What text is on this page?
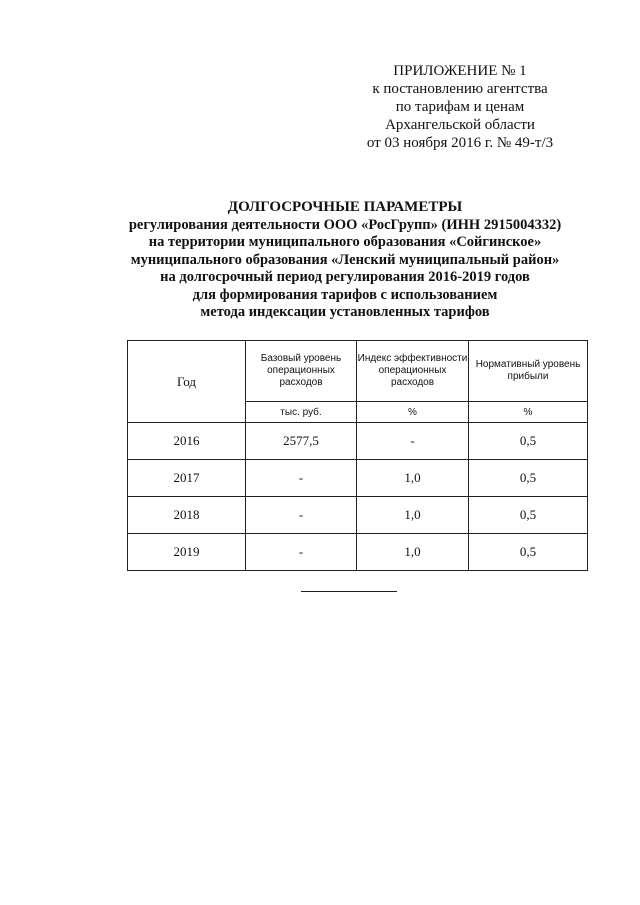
ПРИЛОЖЕНИЕ № 1
к постановлению агентства
по тарифам и ценам
Архангельской области
от 03 ноября 2016 г. № 49-т/3
ДОЛГОСРОЧНЫЕ ПАРАМЕТРЫ
регулирования деятельности ООО «РосГрупп» (ИНН 2915004332)
на территории муниципального образования «Сойгинское»
муниципального образования «Ленский муниципальный район»
на долгосрочный период регулирования 2016-2019 годов
для формирования тарифов с использованием
метода индексации установленных тарифов
Год	Базовый уровень операционных расходов	Индекс эффективности операционных расходов	Нормативный уровень прибыли
	тыс. руб.	%	%
2016	2577,5	-	0,5
2017	-	1,0	0,5
2018	-	1,0	0,5
2019	-	1,0	0,5
